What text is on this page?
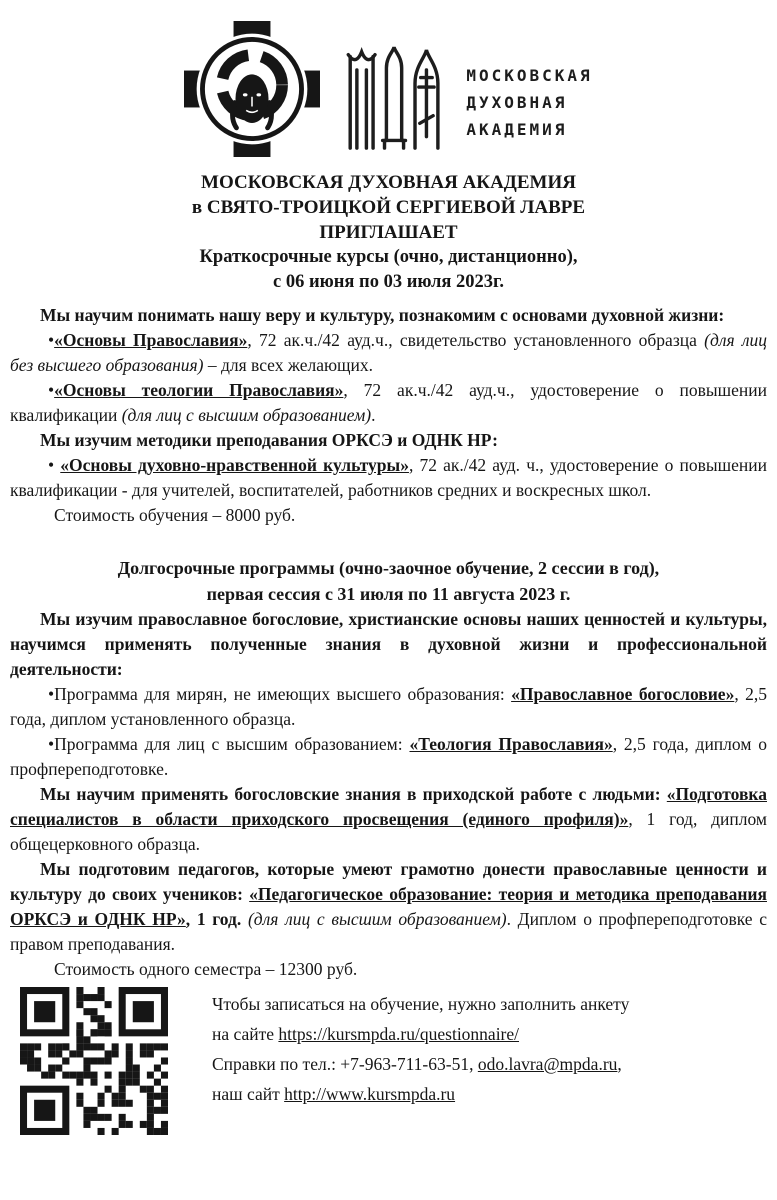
МОСКОВСКАЯ
ДУХОВНАЯ
АКАДЕМИЯ
МОСКОВСКАЯ ДУХОВНАЯ АКАДЕМИЯ
в СВЯТО-ТРОИЦКОЙ СЕРГИЕВОЙ ЛАВРЕ
ПРИГЛАШАЕТ
Краткосрочные курсы (очно, дистанционно),
с 06 июня по 03 июля 2023г.

Мы научим понимать нашу веру и культуру, познакомим с основами духовной жизни:

•«Основы Православия», 72 ак.ч./42 ауд.ч., свидетельство установленного образца (для лиц без высшего образования) – для всех желающих.

•«Основы теологии Православия», 72 ак.ч./42 ауд.ч., удостоверение о повышении квалификации (для лиц с высшим образованием).

Мы изучим методики преподавания ОРКСЭ и ОДНК НР:

• «Основы духовно-нравственной культуры», 72 ак./42 ауд. ч., удостоверение о повышении квалификации - для учителей, воспитателей, работников средних и воскресных школ.

Стоимость обучения – 8000 руб.

Долгосрочные программы (очно-заочное обучение, 2 сессии в год),

первая сессия с 31 июля по 11 августа 2023 г.

Мы изучим православное богословие, христианские основы наших ценностей и культуры, научимся применять полученные знания в духовной жизни и профессиональной деятельности:

•Программа для мирян, не имеющих высшего образования: «Православное богословие», 2,5 года, диплом установленного образца.

•Программа для лиц с высшим образованием: «Теология Православия», 2,5 года, диплом о профпереподготовке.

Мы научим применять богословские знания в приходской работе с людьми: «Подготовка специалистов в области приходского просвещения (единого профиля)», 1 год, диплом общецерковного образца.

Мы подготовим педагогов, которые умеют грамотно донести православные ценности и культуру до своих учеников: «Педагогическое образование: теория и методика преподавания ОРКСЭ и ОДНК НР», 1 год. (для лиц с высшим образованием). Диплом о профпереподготовке с правом преподавания.

Стоимость одного семестра – 12300 руб.

Чтобы записаться на обучение, нужно заполнить анкету

на сайте https://kursmpda.ru/questionnaire/

Справки по тел.: +7-963-711-63-51, odo.lavra@mpda.ru,

наш сайт http://www.kursmpda.ru
